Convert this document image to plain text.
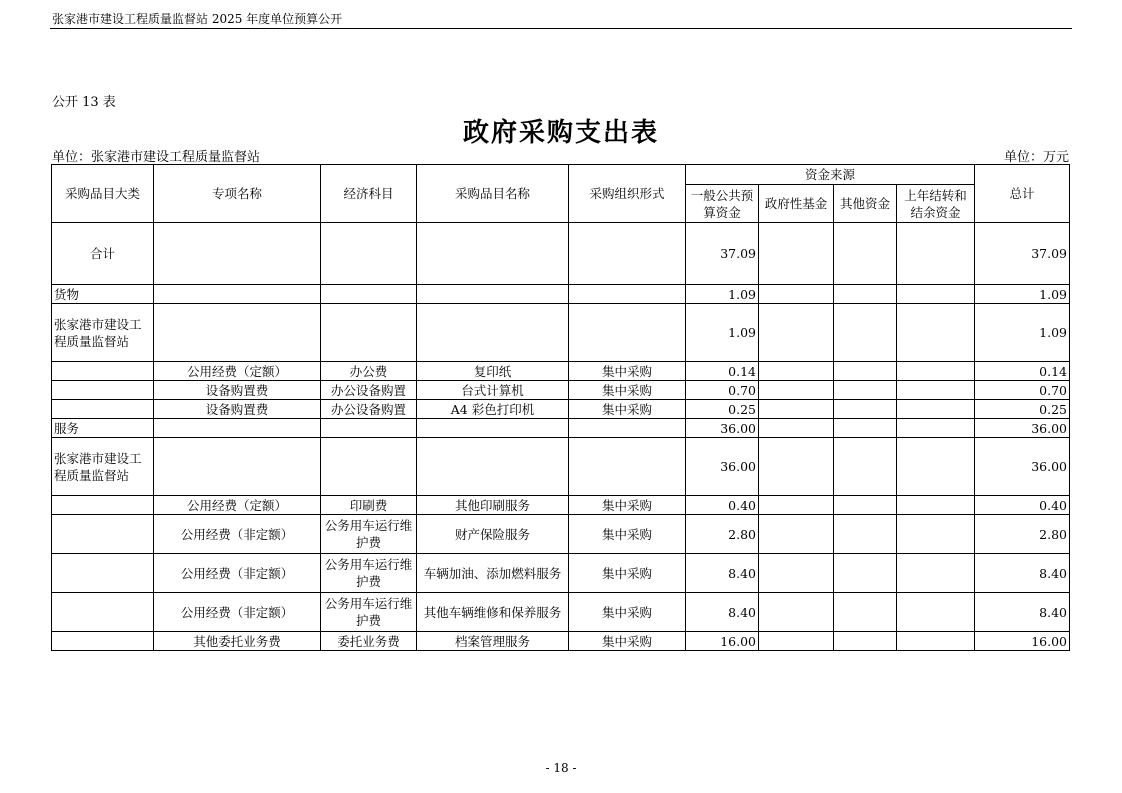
张家港市建设工程质量监督站 2025 年度单位预算公开
公开 13 表
政府采购支出表
单位：张家港市建设工程质量监督站	单位：万元
采购品目大类	专项名称	经济科目	采购品目名称	采购组织形式	资金来源				总计
					一般公共预算资金	政府性基金	其他资金	上年结转和结余资金	
合计					37.09				37.09
货物					1.09				1.09
张家港市建设工程质量监督站					1.09				1.09
	公用经费（定额）	办公费	复印纸	集中采购	0.14				0.14
	设备购置费	办公设备购置	台式计算机	集中采购	0.70				0.70
	设备购置费	办公设备购置	A4 彩色打印机	集中采购	0.25				0.25
服务					36.00				36.00
张家港市建设工程质量监督站					36.00				36.00
	公用经费（定额）	印刷费	其他印刷服务	集中采购	0.40				0.40
	公用经费（非定额）	公务用车运行维护费	财产保险服务	集中采购	2.80				2.80
	公用经费（非定额）	公务用车运行维护费	车辆加油、添加燃料服务	集中采购	8.40				8.40
	公用经费（非定额）	公务用车运行维护费	其他车辆维修和保养服务	集中采购	8.40				8.40
	其他委托业务费	委托业务费	档案管理服务	集中采购	16.00				16.00
- 18 -
